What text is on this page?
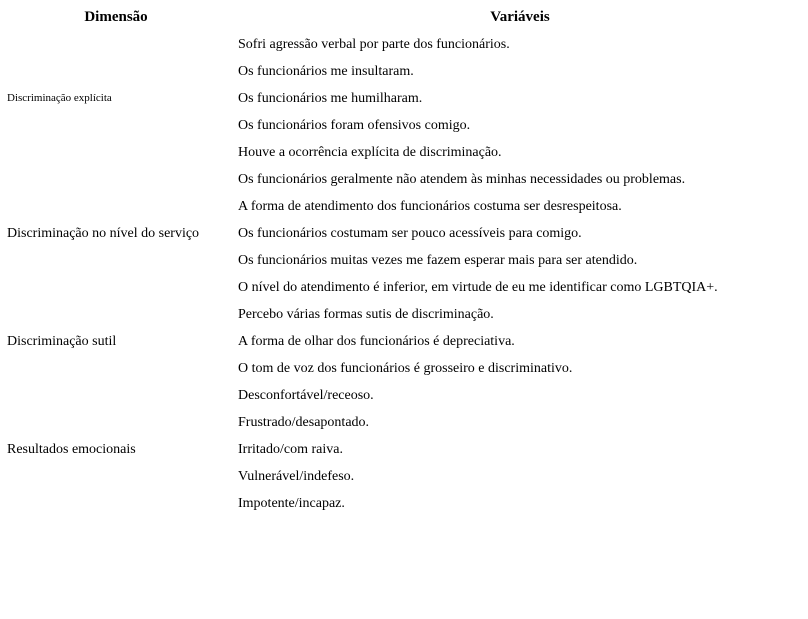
Dimensão	Variáveis
Discriminação explícita	Sofri agressão verbal por parte dos funcionários.
	Os funcionários me insultaram.
	Os funcionários me humilharam.
	Os funcionários foram ofensivos comigo.
	Houve a ocorrência explícita de discriminação.
Discriminação no nível do serviço	Os funcionários geralmente não atendem às minhas necessidades ou problemas.
	A forma de atendimento dos funcionários costuma ser desrespeitosa.
	Os funcionários costumam ser pouco acessíveis para comigo.
	Os funcionários muitas vezes me fazem esperar mais para ser atendido.
	O nível do atendimento é inferior, em virtude de eu me identificar como LGBTQIA+.
Discriminação sutil	Percebo várias formas sutis de discriminação.
	A forma de olhar dos funcionários é depreciativa.
	O tom de voz dos funcionários é grosseiro e discriminativo.
Resultados emocionais	Desconfortável/receoso.
	Frustrado/desapontado.
	Irritado/com raiva.
	Vulnerável/indefeso.
	Impotente/incapaz.
